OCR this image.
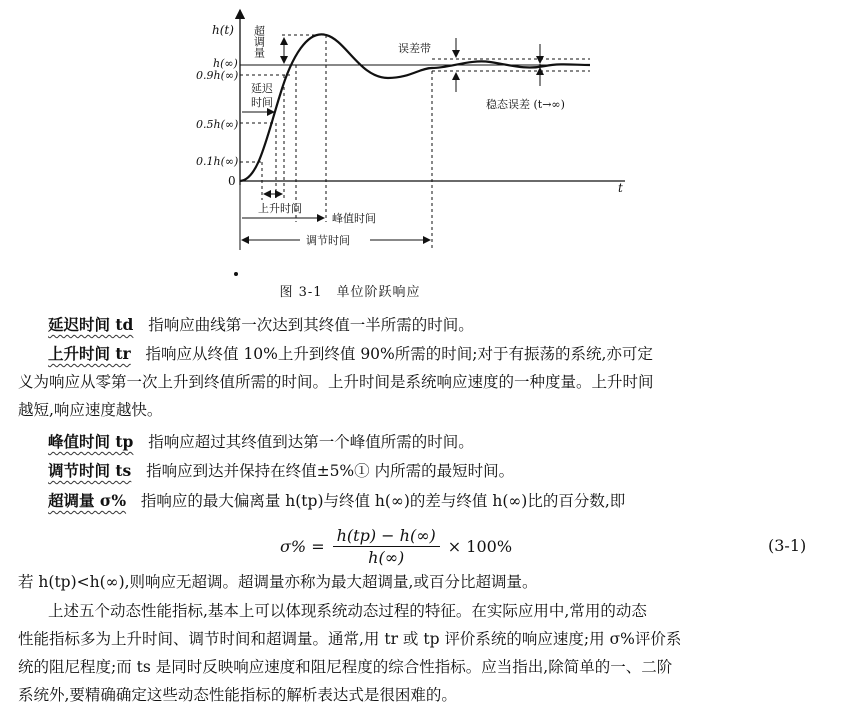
h(t)
t
0
h(∞)
0.9h(∞)
0.5h(∞)
0.1h(∞)
超调量
延迟
时间
上升时间
峰值时间
调节时间
误差带
稳态误差 (t→∞)
图 3-1　单位阶跃响应
延迟时间 td 指响应曲线第一次达到其终值一半所需的时间。
上升时间 tr 指响应从终值 10%上升到终值 90%所需的时间;对于有振荡的系统,亦可定
义为响应从零第一次上升到终值所需的时间。上升时间是系统响应速度的一种度量。上升时间
越短,响应速度越快。
峰值时间 tp 指响应超过其终值到达第一个峰值所需的时间。
调节时间 ts 指响应到达并保持在终值±5%① 内所需的最短时间。
超调量 σ% 指响应的最大偏离量 h(tp)与终值 h(∞)的差与终值 h(∞)比的百分数,即
$\sigma\% = \frac{h(tp) - h(\infty)}{h(\infty)} \times 100\%$	(3-1)
若 h(tp)<h(∞),则响应无超调。超调量亦称为最大超调量,或百分比超调量。
上述五个动态性能指标,基本上可以体现系统动态过程的特征。在实际应用中,常用的动态
性能指标多为上升时间、调节时间和超调量。通常,用 tr 或 tp 评价系统的响应速度;用 σ%评价系
统的阻尼程度;而 ts 是同时反映响应速度和阻尼程度的综合性指标。应当指出,除简单的一、二阶
系统外,要精确确定这些动态性能指标的解析表达式是很困难的。
